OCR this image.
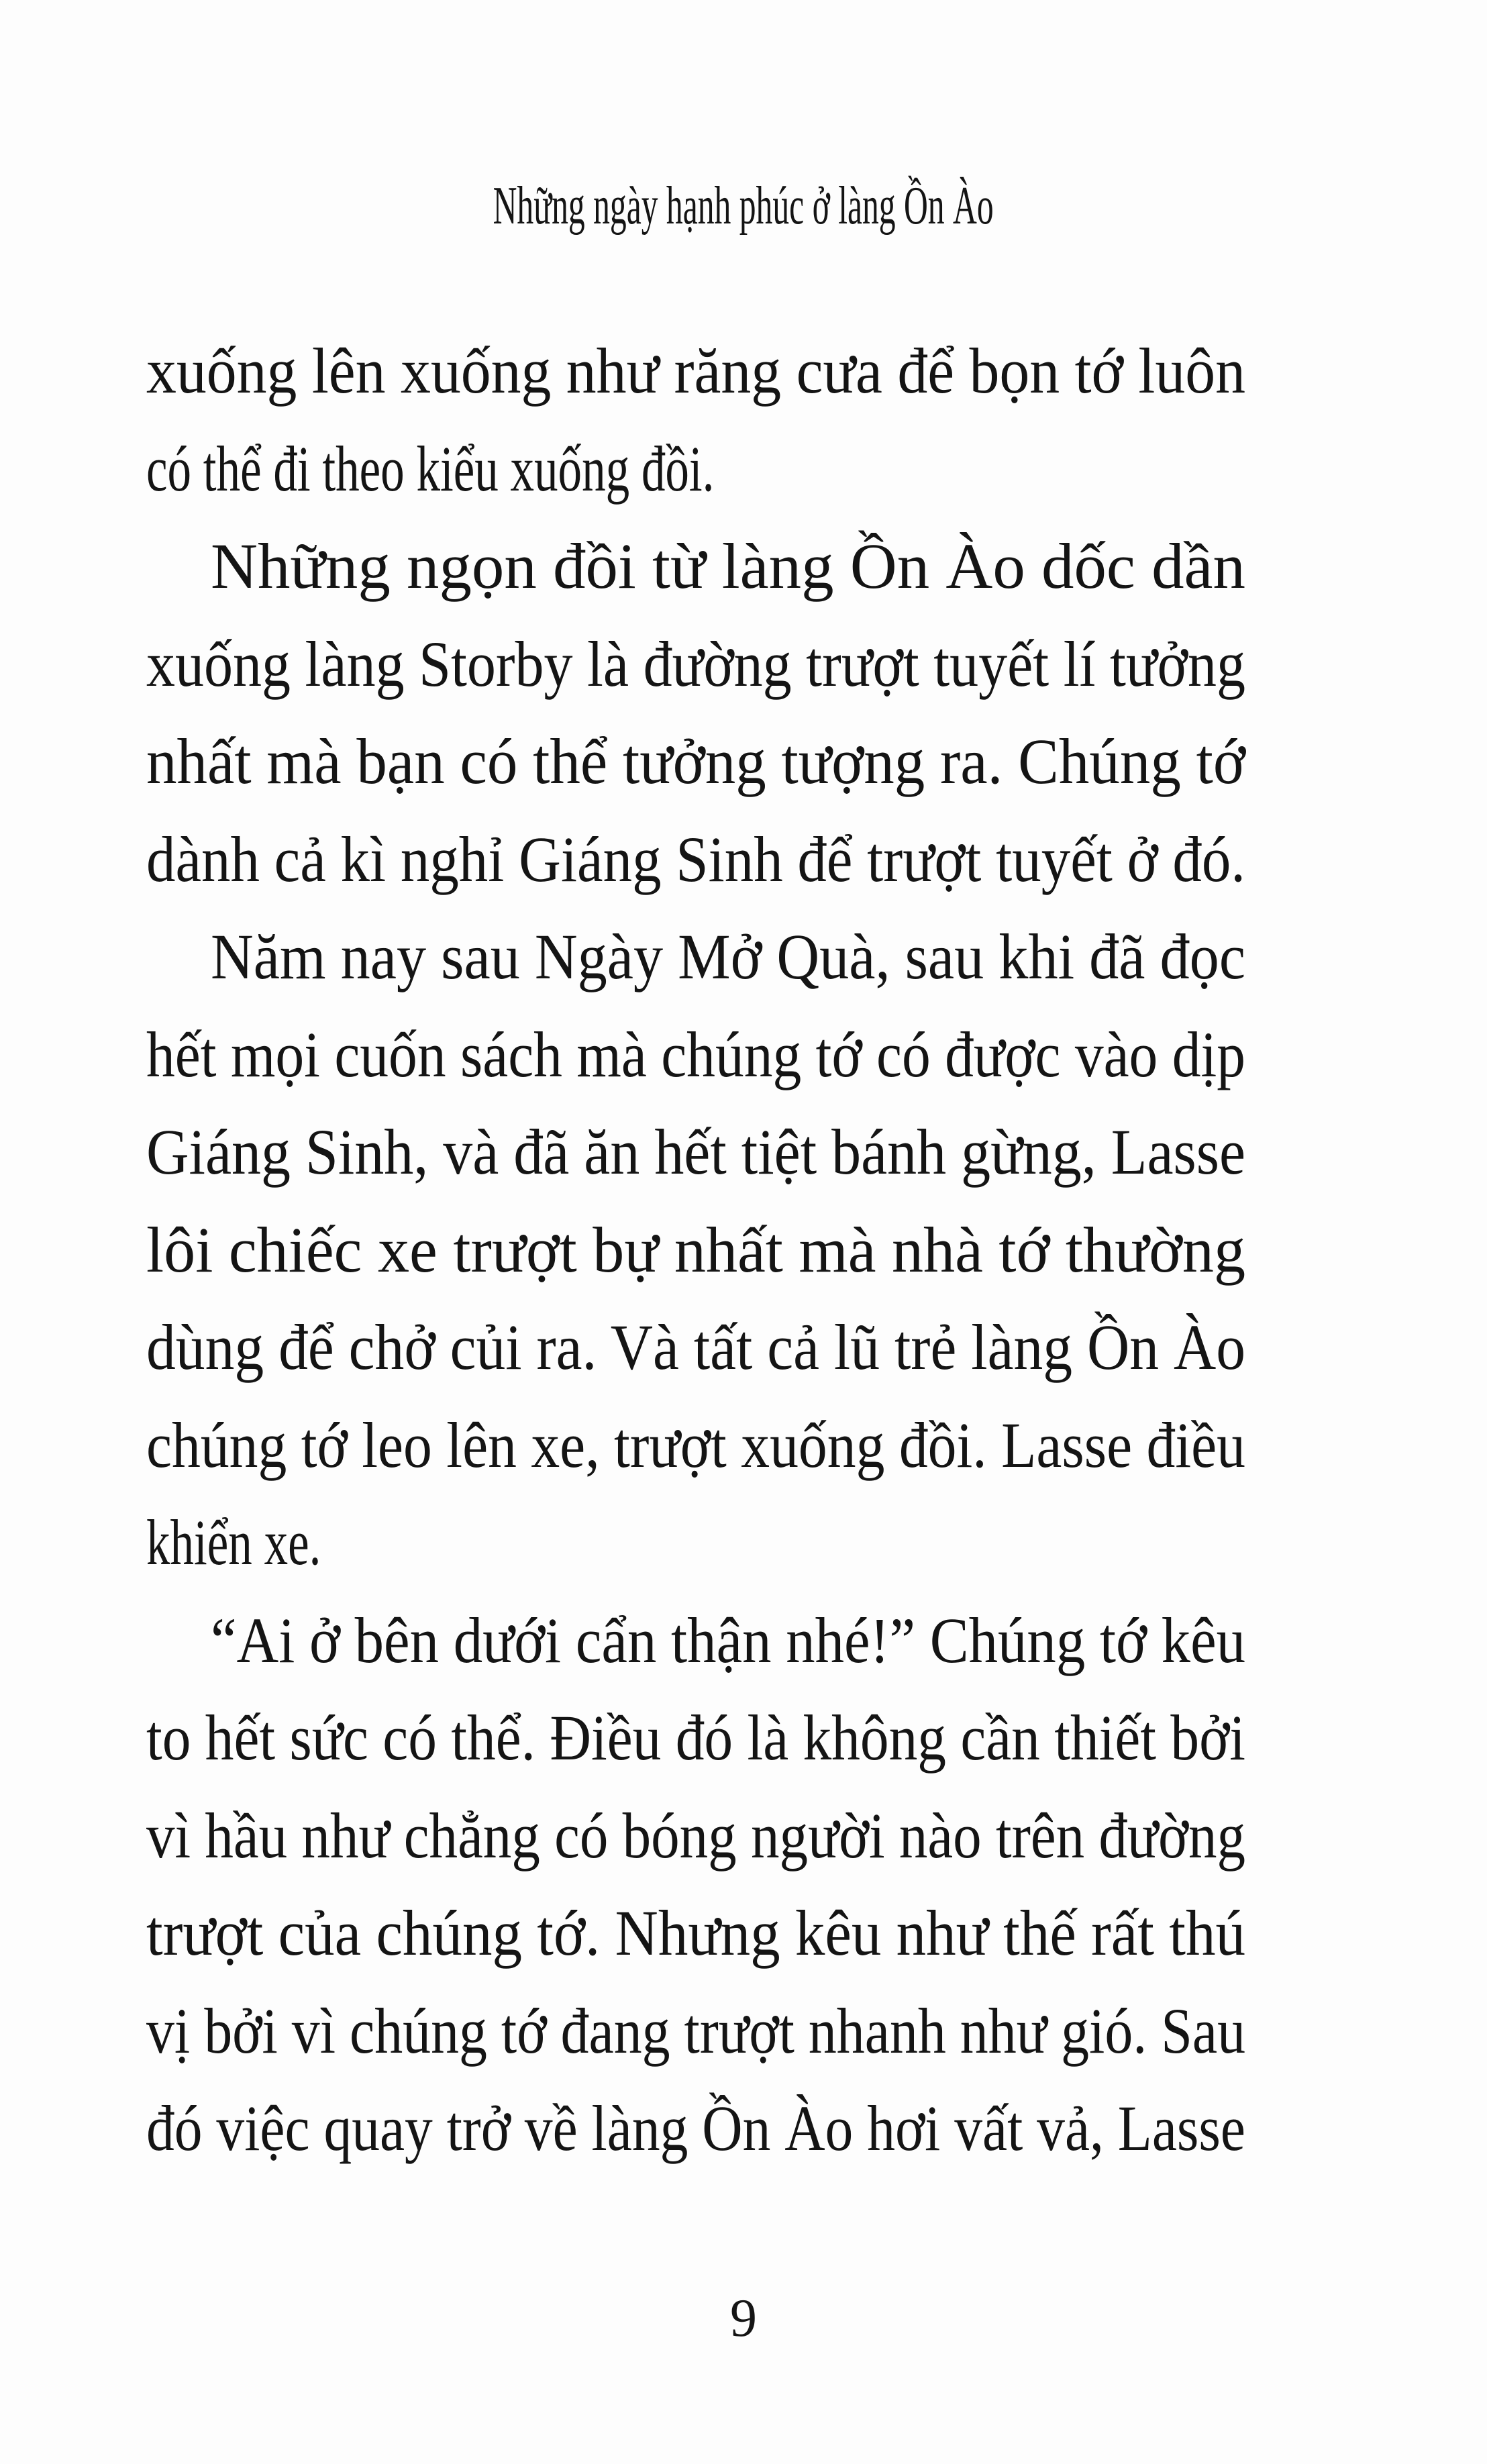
Những ngày hạnh phúc ở làng Ồn Ào
xuống lên xuống như răng cưa để bọn tớ luôn
có thể đi theo kiểu xuống đồi.
Những ngọn đồi từ làng Ồn Ào dốc dần
xuống làng Storby là đường trượt tuyết lí tưởng
nhất mà bạn có thể tưởng tượng ra. Chúng tớ
dành cả kì nghỉ Giáng Sinh để trượt tuyết ở đó.
Năm nay sau Ngày Mở Quà, sau khi đã đọc
hết mọi cuốn sách mà chúng tớ có được vào dịp
Giáng Sinh, và đã ăn hết tiệt bánh gừng, Lasse
lôi chiếc xe trượt bự nhất mà nhà tớ thường
dùng để chở củi ra. Và tất cả lũ trẻ làng Ồn Ào
chúng tớ leo lên xe, trượt xuống đồi. Lasse điều
khiển xe.
“Ai ở bên dưới cẩn thận nhé!” Chúng tớ kêu
to hết sức có thể. Điều đó là không cần thiết bởi
vì hầu như chẳng có bóng người nào trên đường
trượt của chúng tớ. Nhưng kêu như thế rất thú
vị bởi vì chúng tớ đang trượt nhanh như gió. Sau
đó việc quay trở về làng Ồn Ào hơi vất vả, Lasse
9
